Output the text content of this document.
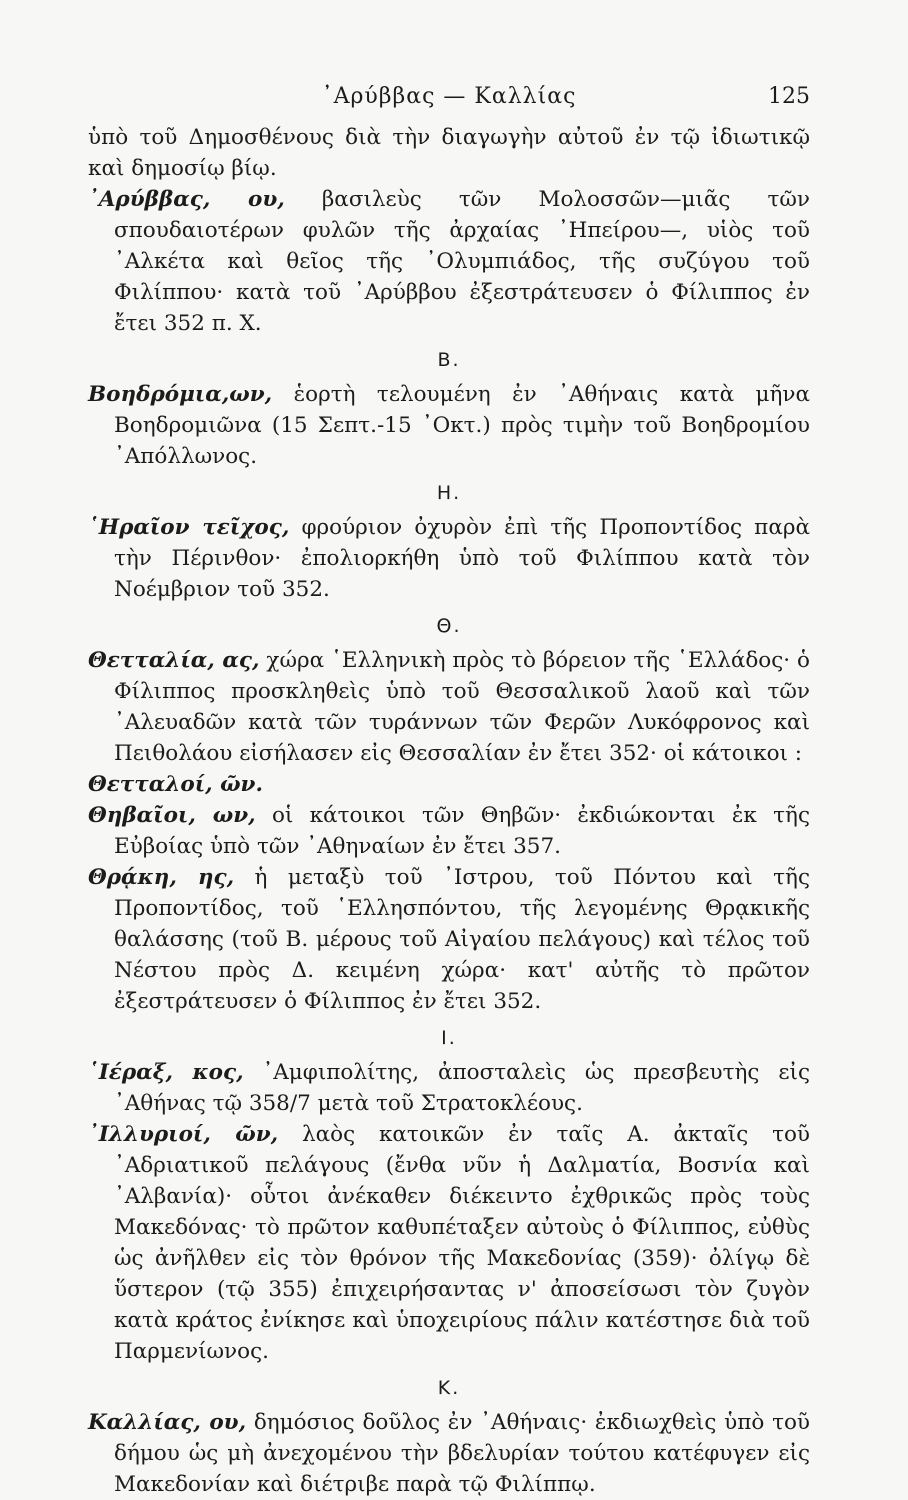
᾿Αρύββας — Καλλίας	125

ὑπὸ τοῦ Δημοσθένους διὰ τὴν διαγωγὴν αὐτοῦ ἐν τῷ ἰδιωτικῷ καὶ δημοσίῳ βίῳ.

᾿Αρύββας, ου, βασιλεὺς τῶν Μολοσσῶν—μιᾶς τῶν σπουδαιοτέρων φυλῶν τῆς ἀρχαίας ᾿Ηπείρου—, υἱὸς τοῦ ᾿Αλκέτα καὶ θεῖος τῆς ᾿Ολυμπιάδος, τῆς συζύγου τοῦ Φιλίππου· κατὰ τοῦ ᾿Αρύββου ἐξεστράτευσεν ὁ Φίλιππος ἐν ἔτει 352 π. Χ.

Β.

Βοηδρόμια,ων, ἑορτὴ τελουμένη ἐν ᾿Αθήναις κατὰ μῆνα Βοηδρομιῶνα (15 Σεπτ.-15 ᾿Οκτ.) πρὸς τιμὴν τοῦ Βοηδρομίου ᾿Απόλλωνος.

Η.

῾Ηραῖον τεῖχος, φρούριον ὀχυρὸν ἐπὶ τῆς Προποντίδος παρὰ τὴν Πέρινθον· ἐπολιορκήθη ὑπὸ τοῦ Φιλίππου κατὰ τὸν Νοέμβριον τοῦ 352.

Θ.

Θετταλία, ας, χώρα ῾Ελληνικὴ πρὸς τὸ βόρειον τῆς ῾Ελλάδος· ὁ Φίλιππος προσκληθεὶς ὑπὸ τοῦ Θεσσαλικοῦ λαοῦ καὶ τῶν ᾿Αλευαδῶν κατὰ τῶν τυράννων τῶν Φερῶν Λυκόφρονος καὶ Πειθολάου εἰσήλασεν εἰς Θεσσαλίαν ἐν ἔτει 352· οἱ κάτοικοι :
Θετταλοί, ῶν.

Θηβαῖοι, ων, οἱ κάτοικοι τῶν Θηβῶν· ἐκδιώκονται ἐκ τῆς Εὐβοίας ὑπὸ τῶν ᾿Αθηναίων ἐν ἔτει 357.

Θρᾴκη, ης, ἡ μεταξὺ τοῦ ᾿Ιστρου, τοῦ Πόντου καὶ τῆς Προποντίδος, τοῦ ῾Ελλησπόντου, τῆς λεγομένης Θρᾳκικῆς θαλάσσης (τοῦ Β. μέρους τοῦ Αἰγαίου πελάγους) καὶ τέλος τοῦ Νέστου πρὸς Δ. κειμένη χώρα· κατ' αὐτῆς τὸ πρῶτον ἐξεστράτευσεν ὁ Φίλιππος ἐν ἔτει 352.

Ι.

῾Ιέραξ, κος, ᾿Αμφιπολίτης, ἀποσταλεὶς ὡς πρεσβευτὴς εἰς ᾿Αθήνας τῷ 358/7 μετὰ τοῦ Στρατοκλέους.

᾿Ιλλυριοί, ῶν, λαὸς κατοικῶν ἐν ταῖς Α. ἀκταῖς τοῦ ᾿Αδριατικοῦ πελάγους (ἔνθα νῦν ἡ Δαλματία, Βοσνία καὶ ᾿Αλβανία)· οὗτοι ἀνέκαθεν διέκειντο ἐχθρικῶς πρὸς τοὺς Μακεδόνας· τὸ πρῶτον καθυπέταξεν αὐτοὺς ὁ Φίλιππος, εὐθὺς ὡς ἀνῆλθεν εἰς τὸν θρόνον τῆς Μακεδονίας (359)· ὀλίγῳ δὲ ὕστερον (τῷ 355) ἐπιχειρήσαντας ν' ἀποσείσωσι τὸν ζυγὸν κατὰ κράτος ἐνίκησε καὶ ὑποχειρίους πάλιν κατέστησε διὰ τοῦ Παρμενίωνος.

Κ.

Καλλίας, ου, δημόσιος δοῦλος ἐν ᾿Αθήναις· ἐκδιωχθεὶς ὑπὸ τοῦ δήμου ὡς μὴ ἀνεχομένου τὴν βδελυρίαν τούτου κατέφυγεν εἰς Μακεδονίαν καὶ διέτριβε παρὰ τῷ Φιλίππῳ.
